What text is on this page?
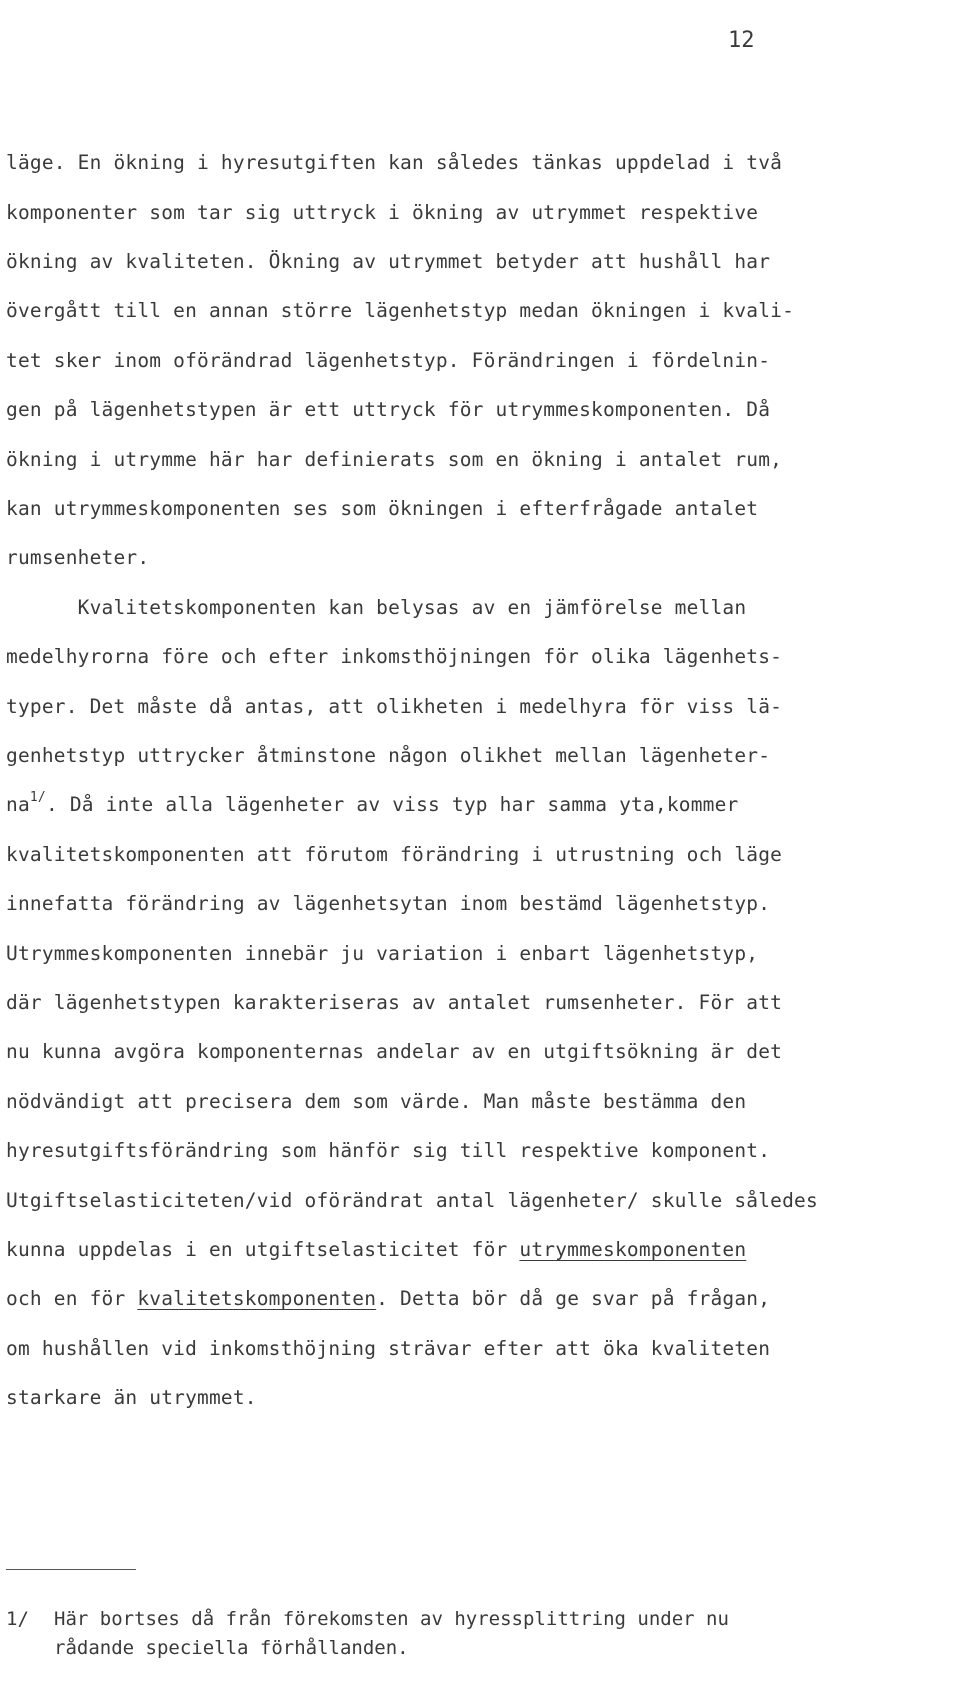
12
läge. En ökning i hyresutgiften kan således tänkas uppdelad i två
komponenter som tar sig uttryck i ökning av utrymmet respektive
ökning av kvaliteten. Ökning av utrymmet betyder att hushåll har
övergått till en annan större lägenhetstyp medan ökningen i kvali-
tet sker inom oförändrad lägenhetstyp. Förändringen i fördelnin-
gen på lägenhetstypen är ett uttryck för utrymmeskomponenten. Då
ökning i utrymme här har definierats som en ökning i antalet rum,
kan utrymmeskomponenten ses som ökningen i efterfrågade antalet
rumsenheter.
Kvalitetskomponenten kan belysas av en jämförelse mellan
medelhyrorna före och efter inkomsthöjningen för olika lägenhets-
typer. Det måste då antas, att olikheten i medelhyra för viss lä-
genhetstyp uttrycker åtminstone någon olikhet mellan lägenheter-
$na^{1/}$. Då inte alla lägenheter av viss typ har samma yta,kommer
kvalitetskomponenten att förutom förändring i utrustning och läge
innefatta förändring av lägenhetsytan inom bestämd lägenhetstyp.
Utrymmeskomponenten innebär ju variation i enbart lägenhetstyp,
där lägenhetstypen karakteriseras av antalet rumsenheter. För att
nu kunna avgöra komponenternas andelar av en utgiftsökning är det
nödvändigt att precisera dem som värde. Man måste bestämma den
hyresutgiftsförändring som hänför sig till respektive komponent.
Utgiftselasticiteten/vid oförändrat antal lägenheter/ skulle således
kunna uppdelas i en utgiftselasticitet för utrymmeskomponenten
och en för kvalitetskomponenten. Detta bör då ge svar på frågan,
om hushållen vid inkomsthöjning strävar efter att öka kvaliteten
starkare än utrymmet.
1/ Här bortses då från förekomsten av hyressplittring under nu
rådande speciella förhållanden.
